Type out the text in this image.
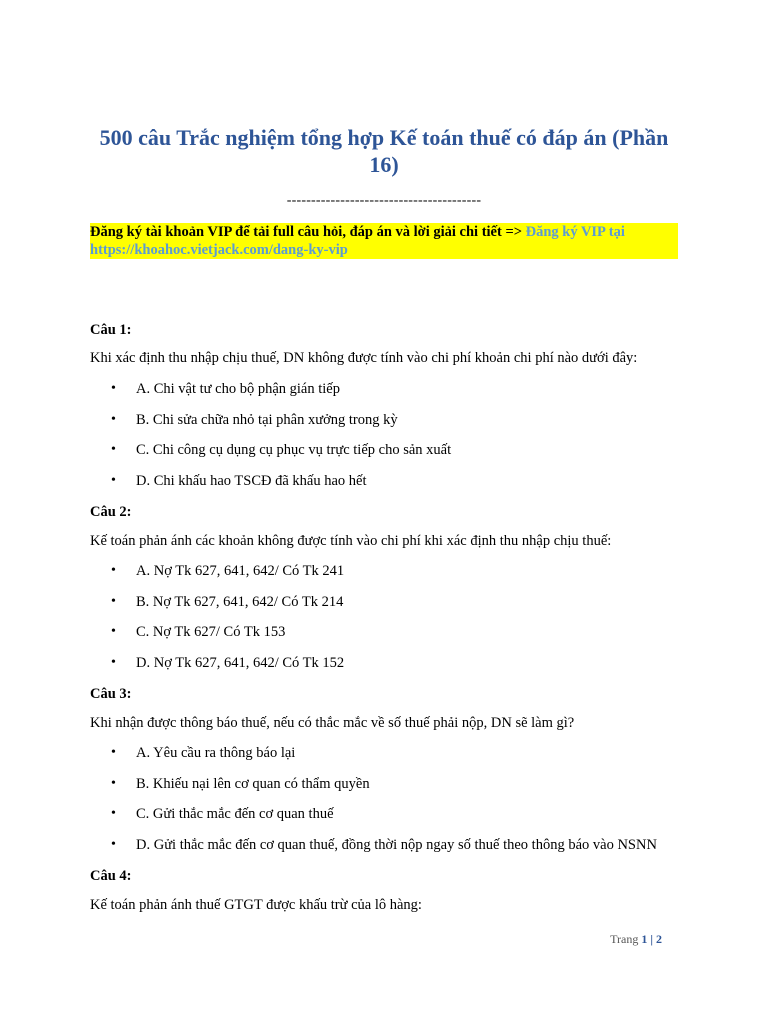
500 câu Trắc nghiệm tổng hợp Kế toán thuế có đáp án (Phần 16)
----------------------------------------
Đăng ký tài khoản VIP để tải full câu hỏi, đáp án và lời giải chi tiết => Đăng ký VIP tại https://khoahoc.vietjack.com/dang-ky-vip
Câu 1:
Khi xác định thu nhập chịu thuế, DN không được tính vào chi phí khoản chi phí nào dưới đây:
• A. Chi vật tư cho bộ phận gián tiếp
• B. Chi sửa chữa nhỏ tại phân xưởng trong kỳ
• C. Chi công cụ dụng cụ phục vụ trực tiếp cho sản xuất
• D. Chi khấu hao TSCĐ đã khấu hao hết
Câu 2:
Kế toán phản ánh các khoản không được tính vào chi phí khi xác định thu nhập chịu thuế:
• A. Nợ Tk 627, 641, 642/ Có Tk 241
• B. Nợ Tk 627, 641, 642/ Có Tk 214
• C. Nợ Tk 627/ Có Tk 153
• D. Nợ Tk 627, 641, 642/ Có Tk 152
Câu 3:
Khi nhận được thông báo thuế, nếu có thắc mắc về số thuế phải nộp, DN sẽ làm gì?
• A. Yêu cầu ra thông báo lại
• B. Khiếu nại lên cơ quan có thẩm quyền
• C. Gửi thắc mắc đến cơ quan thuế
• D. Gửi thắc mắc đến cơ quan thuế, đồng thời nộp ngay số thuế theo thông báo vào NSNN
Câu 4:
Kế toán phản ánh thuế GTGT được khấu trừ của lô hàng:
Trang 1 | 2
